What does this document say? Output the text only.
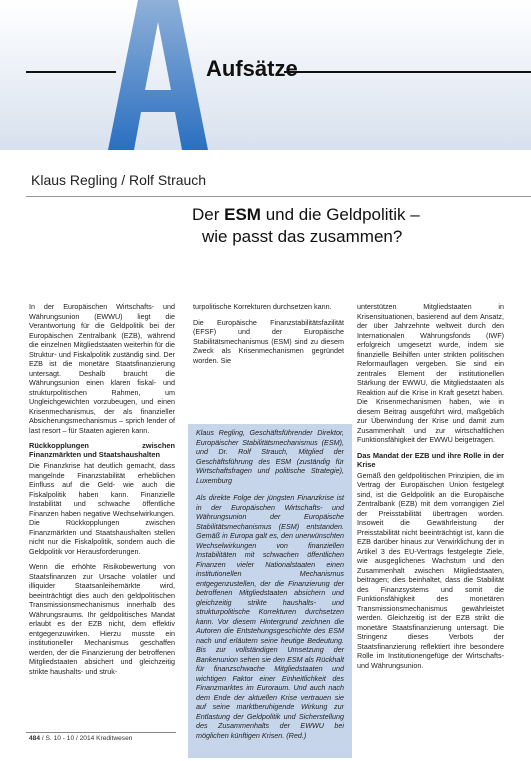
Aufsätze
Klaus Regling / Rolf Strauch
Der ESM und die Geldpolitik –
wie passt das zusammen?

In der Europäischen Wirtschafts- und Währungsunion (EWWU) liegt die Verantwortung für die Geldpolitik bei der Europäischen Zentralbank (EZB), während die einzelnen Mitgliedstaaten weiterhin für die Struktur- und Fiskalpolitik zuständig sind. Der EZB ist die monetäre Staatsfinanzierung untersagt. Deshalb braucht die Währungsunion einen klaren fiskal- und strukturpolitischen Rahmen, um Ungleichgewichten vorzubeugen, und einen Krisenmechanismus, der als finanzieller Absicherungsmechanismus – sprich lender of last resort – für Staaten agieren kann.

Rückkopplungen zwischen Finanzmärkten und Staatshaushalten

Die Finanzkrise hat deutlich gemacht, dass mangelnde Finanzstabilität erheblichen Einfluss auf die Geld- wie auch die Fiskalpolitik haben kann. Finanzielle Instabilität und schwache öffentliche Finanzen haben negative Wechselwirkungen. Die Rückkopplungen zwischen Finanzmärkten und Staatshaushalten stellen nicht nur die Fiskalpolitik, sondern auch die Geldpolitik vor Herausforderungen.

Wenn die erhöhte Risikobewertung von Staatsfinanzen zur Ursache volatiler und illiquider Staatsanleihemärkte wird, beeinträchtigt dies auch den geldpolitischen Transmissionsmechanismus innerhalb des Währungsraums. Ihr geldpolitisches Mandat erlaubt es der EZB nicht, dem effektiv entgegenzuwirken. Hierzu musste ein institutioneller Mechanismus geschaffen werden, der die Finanzierung der betroffenen Mitgliedstaaten absichert und gleichzeitig strikte haushalts- und struk-

turpolitische Korrekturen durchsetzen kann.

Die Europäische Finanzstabilitätsfazilität (EFSF) und der Europäische Stabilitätsmechanismus (ESM) sind zu diesem Zweck als Krisenmechanismen gegründet worden. Sie

Klaus Regling, Geschäftsführender Direktor, Europäischer Stabilitätsmechanismus (ESM), und Dr. Rolf Strauch, Mitglied der Geschäftsführung des ESM (zuständig für Wirtschaftsfragen und politische Strategie), Luxemburg

Als direkte Folge der jüngsten Finanzkrise ist in der Europäischen Wirtschafts- und Währungsunion der Europäische Stabilitätsmechanismus (ESM) entstanden. Gemäß in Europa galt es, den unerwünschten Wechselwirkungen von finanziellen Instabilitäten mit schwachen öffentlichen Finanzen vieler Nationalstaaten einen institutionellen Mechanismus entgegenzustellen, der die Finanzierung der betroffenen Mitgliedstaaten absichern und gleichzeitig strikte haushalts- und strukturpolitische Korrekturen durchsetzen kann. Vor diesem Hintergrund zeichnen die Autoren die Entstehungsgeschichte des ESM nach und erläutern seine heutige Bedeutung. Bis zur vollständigen Umsetzung der Bankenunion sehen sie den ESM als Rückhalt für finanzschwache Mitgliedstaaten und wichtigen Faktor einer Einheitlichkeit des Finanzmarktes im Euroraum. Und auch nach dem Ende der aktuellen Krise vertrauen sie auf seine marktberuhigende Wirkung zur Entlastung der Geldpolitik und Sicherstellung des Zusammenhalts der EWWU bei möglichen künftigen Krisen. (Red.)

unterstützen Mitgliedstaaten in Krisensituationen, basierend auf dem Ansatz, der über Jahrzehnte weltweit durch den Internationalen Währungsfonds (IWF) erfolgreich umgesetzt wurde, indem sie finanzielle Beihilfen unter strikten politischen Reformauflagen vergeben. Sie sind ein zentrales Element der institutionellen Stärkung der EWWU, die Mitgliedstaaten als Reaktion auf die Krise in Kraft gesetzt haben. Die Krisenmechanismen haben, wie in diesem Beitrag ausgeführt wird, maßgeblich zur Überwindung der Krise und damit zum Zusammenhalt und zur wirtschaftlichen Funktionsfähigkeit der EWWU beigetragen.

Das Mandat der EZB und ihre Rolle in der Krise

Gemäß den geldpolitischen Prinzipien, die im Vertrag der Europäischen Union festgelegt sind, ist die Geldpolitik an die Europäische Zentralbank (EZB) mit dem vorrangigen Ziel der Preisstabilität übertragen worden. Insoweit die Gewährleistung der Preisstabilität nicht beeinträchtigt ist, kann die EZB darüber hinaus zur Verwirklichung der in Artikel 3 des EU-Vertrags festgelegte Ziele, wie ausgeglichenes Wachstum und den Zusammenhalt zwischen Mitgliedstaaten, beitragen; dies beinhaltet, dass die Stabilität des Finanzsystems und somit die Funktionsfähigkeit des monetären Transmissionsmechanismus gewährleistet werden. Gleichzeitig ist der EZB strikt die monetäre Staatsfinanzierung untersagt. Die Stringenz dieses Verbots der Staatsfinanzierung reflektiert ihre besondere Rolle im Institutionengefüge der Wirtschafts- und Währungsunion.

484 / S. 10 - 10 / 2014 Kreditwesen
